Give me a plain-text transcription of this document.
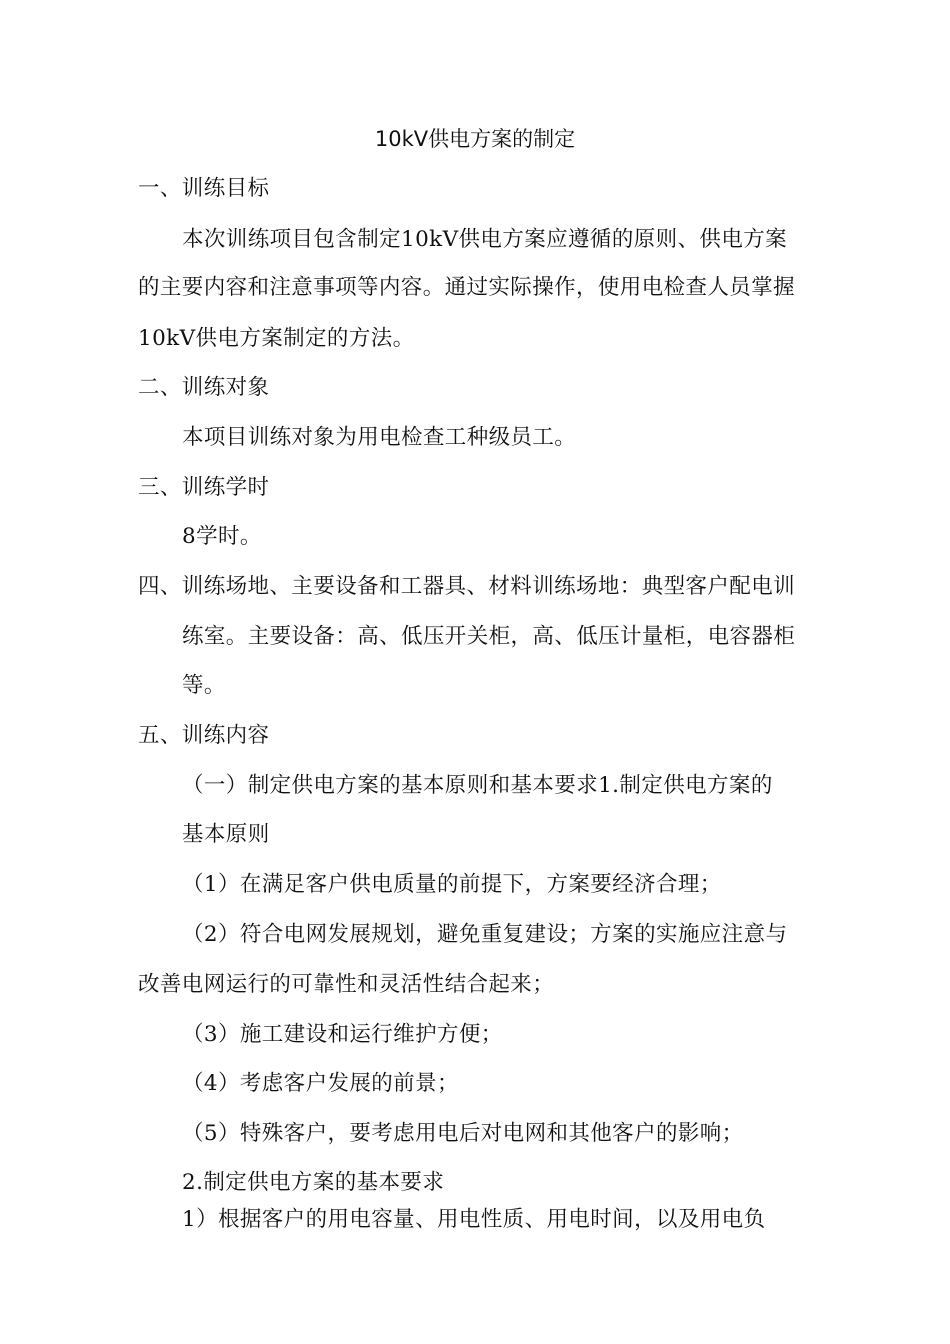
10kV供电方案的制定
一、训练目标
本次训练项目包含制定10kV供电方案应遵循的原则、供电方案
的主要内容和注意事项等内容。通过实际操作，使用电检查人员掌握
10kV供电方案制定的方法。
二、训练对象
本项目训练对象为用电检查工种级员工。
三、训练学时
8学时。
四、训练场地、主要设备和工器具、材料训练场地：典型客户配电训
练室。主要设备：高、低压开关柜，高、低压计量柜，电容器柜
等。
五、训练内容
（一）制定供电方案的基本原则和基本要求1.制定供电方案的
基本原则
（1）在满足客户供电质量的前提下，方案要经济合理；
（2）符合电网发展规划，避免重复建设；方案的实施应注意与
改善电网运行的可靠性和灵活性结合起来；
（3）施工建设和运行维护方便；
（4）考虑客户发展的前景；
（5）特殊客户，要考虑用电后对电网和其他客户的影响；
2.制定供电方案的基本要求
1）根据客户的用电容量、用电性质、用电时间，以及用电负
